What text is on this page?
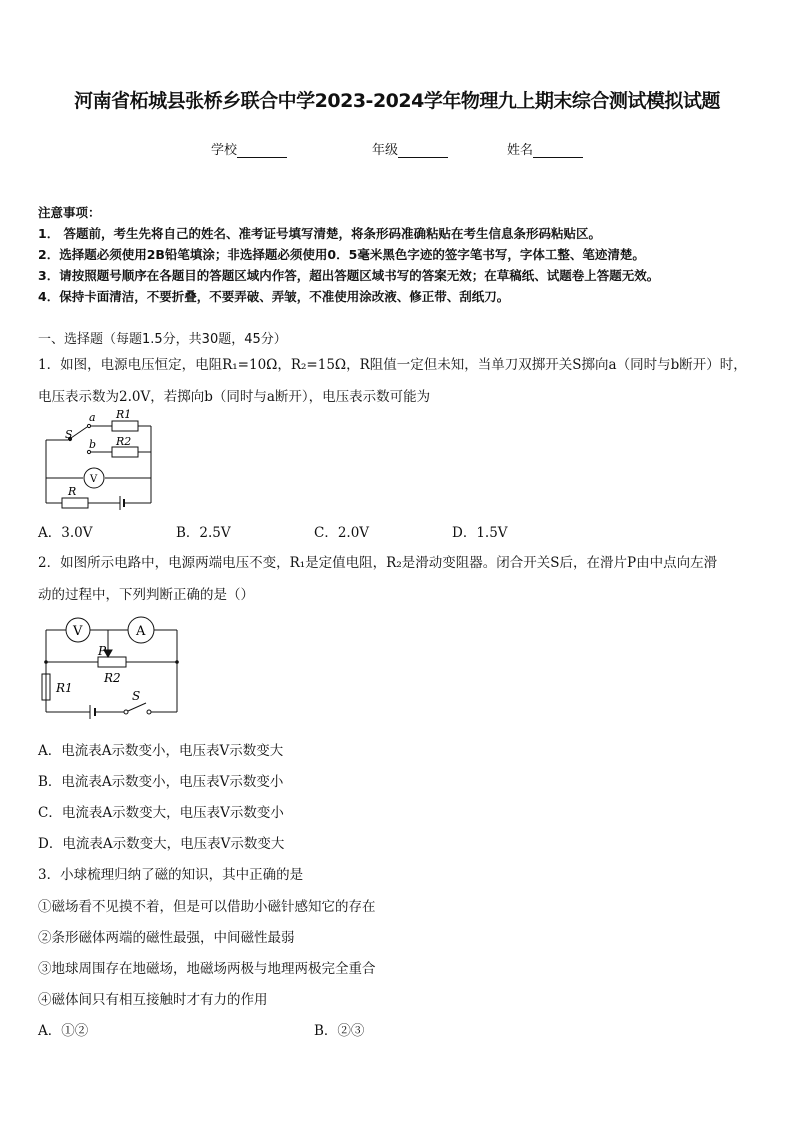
河南省柘城县张桥乡联合中学2023-2024学年物理九上期末综合测试模拟试题
学校	年级	姓名
注意事项：
1． 答题前，考生先将自己的姓名、准考证号填写清楚，将条形码准确粘贴在考生信息条形码粘贴区。
2．选择题必须使用2B铅笔填涂；非选择题必须使用0．5毫米黑色字迹的签字笔书写，字体工整、笔迹清楚。
3．请按照题号顺序在各题目的答题区域内作答，超出答题区域书写的答案无效；在草稿纸、试题卷上答题无效。
4．保持卡面清洁，不要折叠，不要弄破、弄皱，不准使用涂改液、修正带、刮纸刀。
一、选择题（每题1.5分，共30题，45分）
1．如图，电源电压恒定，电阻R₁=10Ω，R₂=15Ω，R阻值一定但未知，当单刀双掷开关S掷向a（同时与b断开）时，
电压表示数为2.0V，若掷向b（同时与a断开），电压表示数可能为
a
b
S
R1
R2
R
V
A．3.0V	B．2.5V	C．2.0V	D．1.5V
2．如图所示电路中，电源两端电压不变，R₁是定值电阻，R₂是滑动变阻器。闭合开关S后，在滑片P由中点向左滑
动的过程中，下列判断正确的是（）
V	A
P
R2
R1
S
A．电流表A示数变小，电压表V示数变大
B．电流表A示数变小，电压表V示数变小
C．电流表A示数变大，电压表V示数变小
D．电流表A示数变大，电压表V示数变大
3．小球梳理归纳了磁的知识，其中正确的是
①磁场看不见摸不着，但是可以借助小磁针感知它的存在
②条形磁体两端的磁性最强，中间磁性最弱
③地球周围存在地磁场，地磁场两极与地理两极完全重合
④磁体间只有相互接触时才有力的作用
A．①②	B．②③
